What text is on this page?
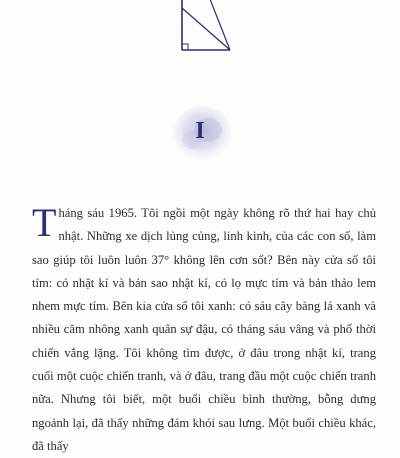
I
T háng sáu 1965. Tôi ngồi một ngày không rõ thứ hai hay chủ nhật. Những xe dịch lủng củng, linh kinh, của các con số, làm sao giúp tôi luôn luôn 37° không lên cơn sốt? Bên này cửa sổ tôi tím: có nhật kí và bản sao nhật kí, có lọ mực tím và bản thảo lem nhem mực tím. Bên kia cửa sổ tôi xanh: có sáu cây bàng lá xanh và nhiều căm nhông xanh quân sự đậu, có tháng sáu vâng và phố thời chiến vắng lặng. Tôi không tìm được, ở đâu trong nhật kí, trang cuối một cuộc chiến tranh, và ở đâu, trang đầu một cuộc chiến tranh nữa. Nhưng tôi biết, một buổi chiều bình thường, bỗng dưng ngoảnh lại, đã thấy những đám khói sau lưng. Một buổi chiều khác, đã thấy
